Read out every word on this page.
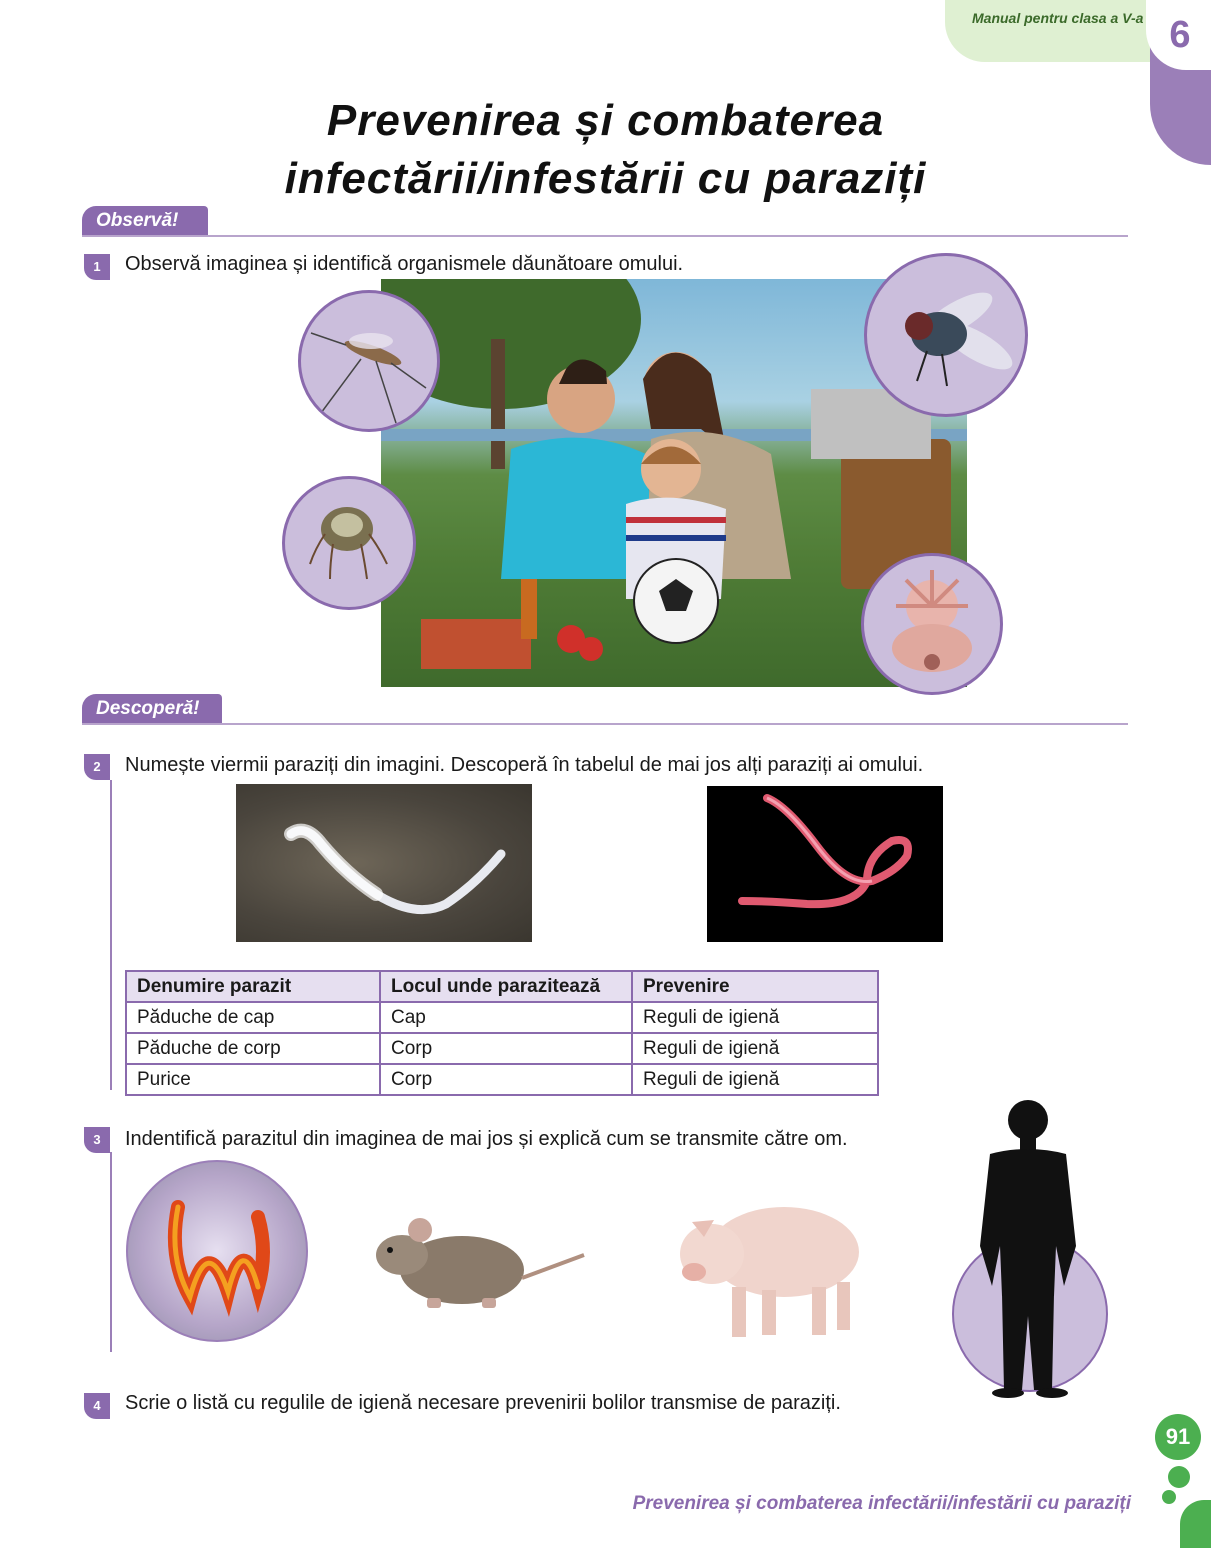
Manual pentru clasa a V-a 6
Prevenirea și combaterea
infectării/infestării cu paraziți
Observă!
1	Observă imaginea și identifică organismele dăunătoare omului.
Descoperă!
2	Numește viermii paraziți din imagini. Descoperă în tabelul de mai jos alți paraziți ai omului.
Denumire parazit	Locul unde parazitează	Prevenire
Păduche de cap	Cap	Reguli de igienă
Păduche de corp	Corp	Reguli de igienă
Purice	Corp	Reguli de igienă
3	Indentifică parazitul din imaginea de mai jos și explică cum se transmite către om.
4	Scrie o listă cu regulile de igienă necesare prevenirii bolilor transmise de paraziți.
91
Prevenirea și combaterea infectării/infestării cu paraziți
